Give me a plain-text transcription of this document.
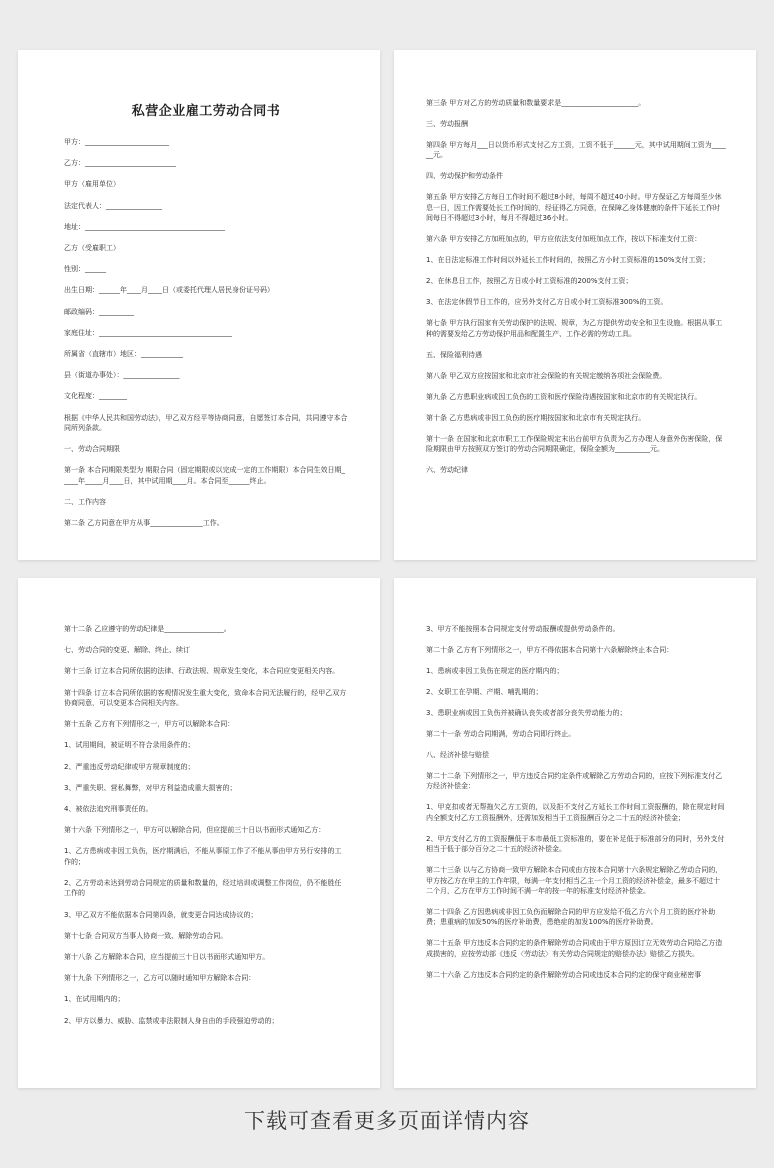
私营企业雇工劳动合同书
甲方：________________________
乙方：__________________________
甲方（雇用单位）
法定代表人：________________
地址：________________________________________
乙方（受雇职工）
性别：______
出生日期：______年____月____日（或委托代理人居民身份证号码）
邮政编码：__________
家庭住址：______________________________________
所属省（直辖市）地区：____________
县（街道办事处）：________________
文化程度：________
根据《中华人民共和国劳动法》，甲乙双方经平等协商同意，自愿签订本合同，共同遵守本合同所列条款。
一、劳动合同期限
第一条 本合同期限类型为 期限合同（固定期限或以完成一定的工作期限）本合同生效日期_____年_____月____日，其中试用期____月。本合同至______终止。
二、工作内容
第二条 乙方同意在甲方从事_______________工作。
第三条 甲方对乙方的劳动质量和数量要求是______________________。
三、劳动报酬
第四条 甲方每月___日以货币形式支付乙方工资，工资不低于______元，其中试用期间工资为______元。
四、劳动保护和劳动条件
第五条 甲方安排乙方每日工作时间不超过8小时，每周不超过40小时。甲方保证乙方每周至少休息一日，因工作需要处长工作时间的，经征得乙方同意，在保障乙身体健康的条件下延长工作时间每日不得超过3小时，每月不得超过36小时。
第六条 甲方安排乙方加班加点的，甲方应依法支付加班加点工作，按以下标准支付工资：
1、在日法定标准工作时间以外延长工作时间的，按照乙方小时工资标准的150%支付工资；
2、在休息日工作，按照乙方日或小时工资标准的200%支付工资；
3、在法定休假节日工作的，应另外支付乙方日或小时工资标准300%的工资。
第七条 甲方执行国家有关劳动保护的法规、规章，为乙方提供劳动安全和卫生设施。根据从事工种的需要发给乙方劳动保护用品和配置生产、工作必需的劳动工具。
五、保险福利待遇
第八条 甲乙双方应按国家和北京市社会保险的有关规定缴纳各项社会保险费。
第九条 乙方患职业病或因工负伤的工资和医疗保险待遇按国家和北京市的有关规定执行。
第十条 乙方患病或非因工负伤的医疗期按国家和北京市有关规定执行。
第十一条 在国家和北京市职工工作保险规定末出台前甲方负责为乙方办理人身意外伤害保险，保险期限由甲方按照双方签订的劳动合同期限确定，保险金额为__________元。
六、劳动纪律
第十二条 乙应遵守的劳动纪律是_________________。
七、劳动合同的变更、解除、终止、续订
第十三条 订立本合同所依据的法律、行政法规、规章发生变化，本合同应变更相关内容。
第十四条 订立本合同所依据的客观情况发生重大变化，致命本合同无法履行的，经甲乙双方协商同意，可以变更本合同相关内容。
第十五条 乙方有下列情形之一，甲方可以解除本合同：
1、试用期间，被证明不符合录用条件的；
2、严重违反劳动纪律或甲方规章制度的；
3、严重失职、营私舞弊，对甲方利益造成重大损害的；
4、被依法追究刑事责任的。
第十六条 下列情形之一，甲方可以解除合同，但应提前三十日以书面形式通知乙方：
1、乙方患病或非因工负伤，医疗期满后，不能从事原工作了不能从事由甲方另行安排的工作的；
2、乙方劳动未达到劳动合同规定的质量和数量的，经过培训或调整工作岗位，仍不能胜任工作的
3、甲乙双方不能依据本合同第四条，就变更合同达成协议的；
第十七条 合同双方当事人协商一致、解除劳动合同。
第十八条 乙方解除本合同，应当提前三十日以书面形式通知甲方。
第十九条 下列情形之一，乙方可以随时通知甲方解除本合同：
1、在试用期内的；
2、甲方以暴力、威胁、监禁或非法限制人身自由的手段强迫劳动的；
3、甲方不能按照本合同规定支付劳动报酬或提供劳动条件的。
第二十条 乙方有下列情形之一，甲方不得依据本合同第十六条解除终止本合同：
1、患病或非因工负伤在规定的医疗期内的；
2、女职工在孕期、产期、哺乳期的；
3、患职业病或因工负伤并被确认丧失或者部分丧失劳动能力的；
第二十一条 劳动合同期满，劳动合同即行终止。
八、经济补偿与赔偿
第二十二条 下列情形之一，甲方违反合同约定条件或解除乙方劳动合同的，应按下列标准支付乙方经济补偿金：
1、甲克扣或者无帮拖欠乙方工资的，以及拒不支付乙方延长工作时间工资报酬的，除在规定时间内全额支付乙方工资报酬外，还需加发相当于工资报酬百分之二十五的经济补偿金；
2、甲方支付乙方的工资报酬低于本市最低工资标准的，要在补足低于标准部分的同时，另外支付相当于低于部分百分之二十五的经济补偿金。
第二十三条 以与乙方协商一致甲方解除本合同或由方按本合同第十六条规定解除乙劳动合同的，甲方按乙方在甲主的工作年限，每满一年支付相当乙主一个月工资的经济补偿金，最多不超过十二个月，乙方在甲方工作时间不满一年的按一年的标准支付经济补偿金。
第二十四条 乙方因患病或非因工负伤而解除合同的甲方应发给不低乙方六个月工资的医疗补助费；患重病的加发50%的医疗补助费，患绝症的加发100%的医疗补助费。
第二十五条 甲方违反本合同约定的条件解除劳动合同或由于甲方原因订立无效劳动合同给乙方造成损害的，应按劳动部《违反〈劳动法〉有关劳动合同规定的赔偿办法》赔偿乙方损失。
第二十六条 乙方违反本合同约定的条件解除劳动合同或违反本合同约定的保守商业秘密事
下载可查看更多页面详情内容
